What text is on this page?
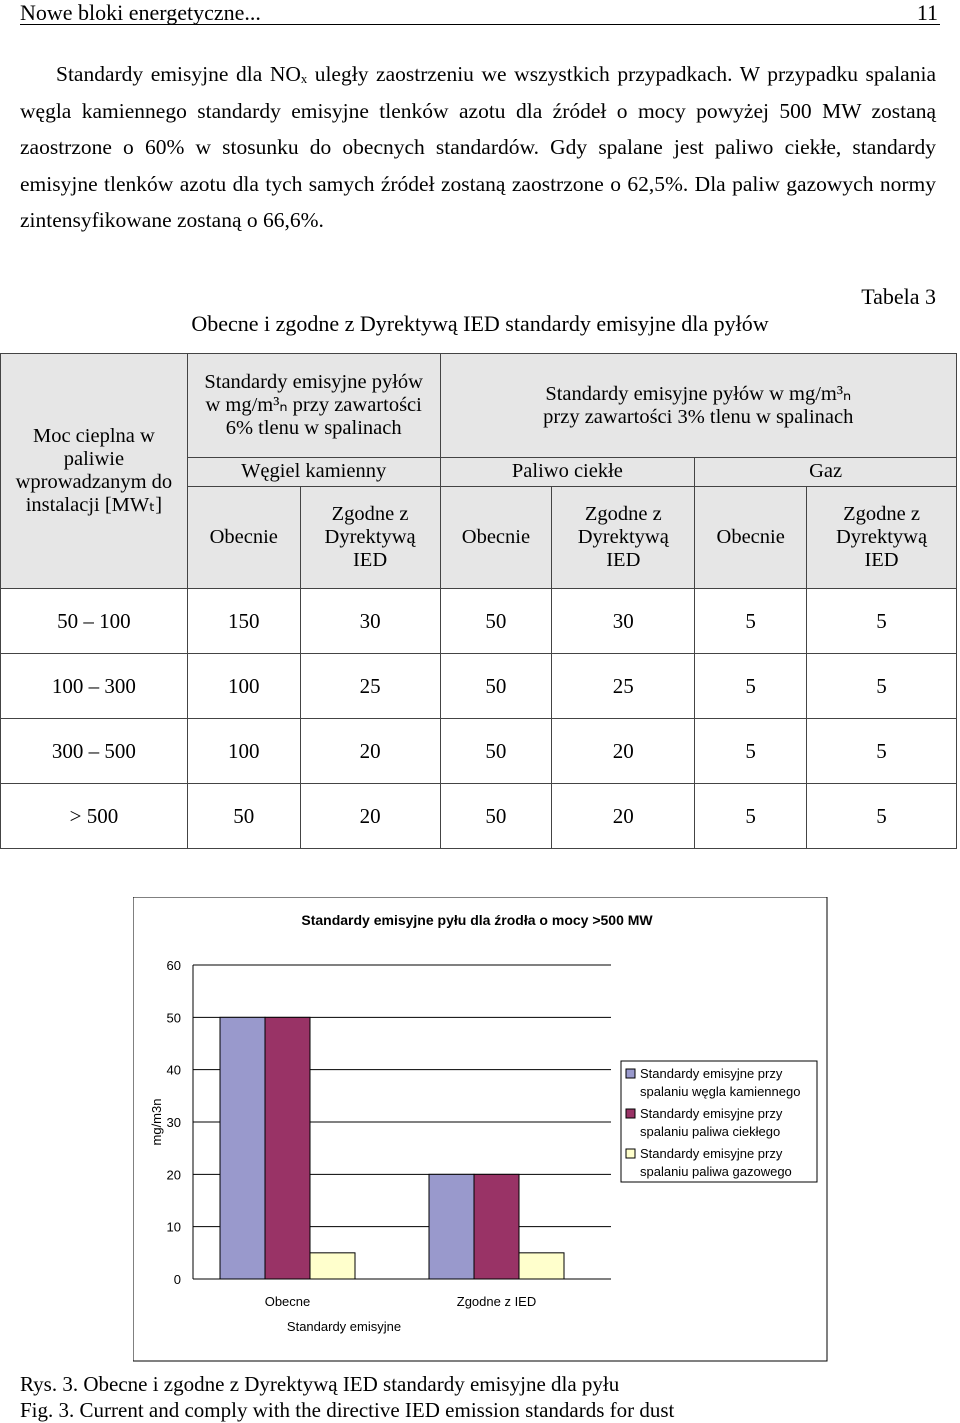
Nowe bloki energetyczne...	11

Standardy emisyjne dla NOₓ uległy zaostrzeniu we wszystkich przypadkach. W przypadku spalania węgla kamiennego standardy emisyjne tlenków azotu dla źródeł o mocy powyżej 500 MW zostaną zaostrzone o 60% w stosunku do obecnych standardów. Gdy spalane jest paliwo ciekłe, standardy emisyjne tlenków azotu dla tych samych źródeł zostaną zaostrzone o 62,5%. Dla paliw gazowych normy zintensyfikowane zostaną o 66,6%.

Tabela 3
Obecne i zgodne z Dyrektywą IED standardy emisyjne dla pyłów
Moc cieplna w paliwie wprowadzanym do instalacji [MWₜ]	Standardy emisyjne pyłów w mg/m³ₙ przy zawartości 6% tlenu w spalinach		Standardy emisyjne pyłów w mg/m³ₙ przy zawartości 3% tlenu w spalinach			
	Węgiel kamienny		Paliwo ciekłe		Gaz	
	Obecnie	Zgodne z Dyrektywą IED	Obecnie	Zgodne z Dyrektywą IED	Obecnie	Zgodne z Dyrektywą IED
50 – 100	150	30	50	30	5	5
100 – 300	100	25	50	25	5	5
300 – 500	100	20	50	20	5	5
> 500	50	20	50	20	5	5
Standardy emisyjne pyłu dla źrodła o mocy >500 MW
0
10
20
30
40
50
60
Obecne	Zgodne z IED
mg/m3n
Standardy emisyjne
Standardy emisyjne przy spalaniu węgla kamiennego
Standardy emisyjne przy spalaniu paliwa ciekłego
Standardy emisyjne przy spalaniu paliwa gazowego
Rys. 3. Obecne i zgodne z Dyrektywą IED standardy emisyjne dla pyłu
Fig. 3. Current and comply with the directive IED emission standards for dust
